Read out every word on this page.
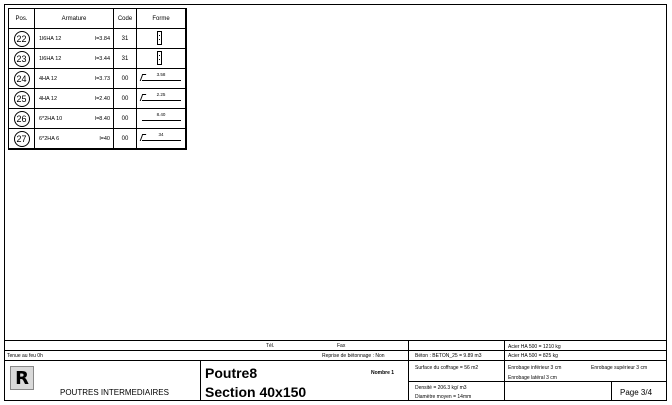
Pos.	Armature	Code	Forme
22	1l6HA 12 l=3.84	31	

23	1l6HA 12 l=3.44	31	

24	4HA 12 l=3.73	00	3.58

25	4HA 12 l=2.40	00	2.25

26	6*2HA 10 l=8.40	00	8.40

27	6*2HA 6 l=40	00	34
Tél.	Fax
Tenue au feu 0h	Reprise de bétonnage : Non
R
POUTRES INTERMEDIAIRES
Poutre8
Section 40x150
Nombre 1
Béton : BETON_25 = 9.89 m3
Surface du coffrage = 56 m2
Densité = 206.3 kg/ m3
Diamètre moyen = 14mm
Acier HA 500 = 1210 kg
Acier HA 500 = 825 kg
Enrobage inférieur 3 cm	Enrobage supérieur 3 cm
Enrobage latéral 3 cm
Page 3/4
